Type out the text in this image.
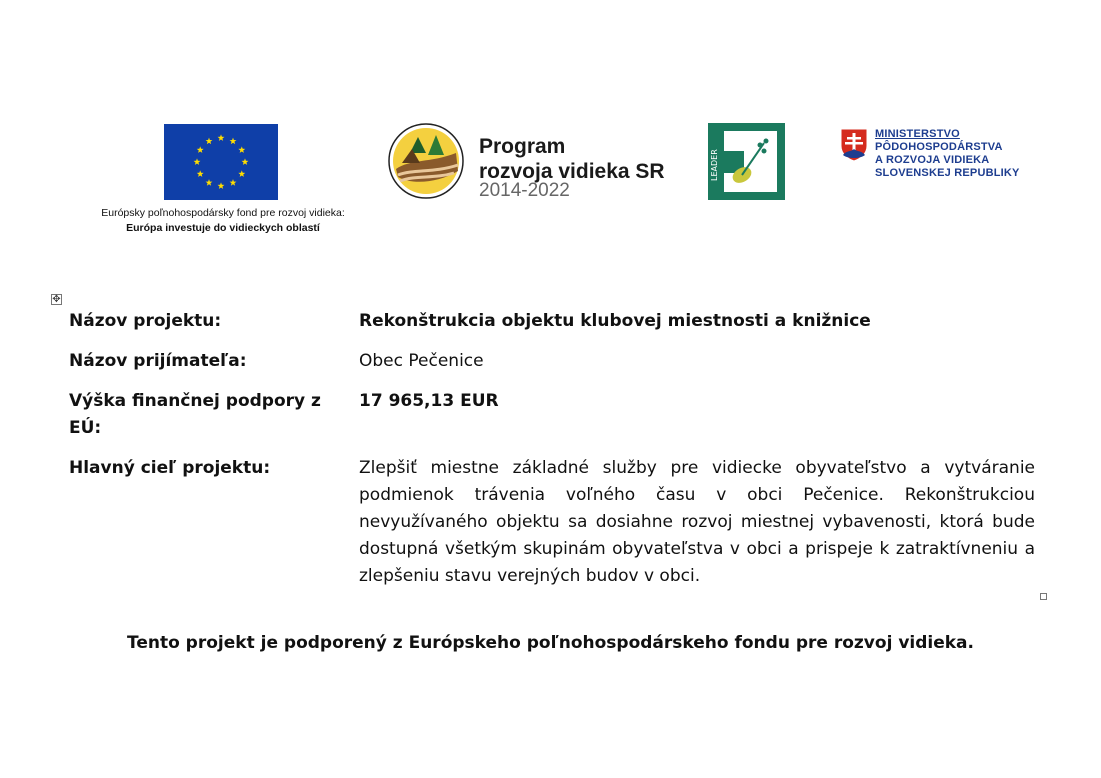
Európsky poľnohospodársky fond pre rozvoj vidieka:
Európa investuje do vidieckych oblastí
Program
rozvoja vidieka SR
2014-2022
LEADER
MINISTERSTVO
PÔDOHOSPODÁRSTVA
A ROZVOJA VIDIEKA
SLOVENSKEJ REPUBLIKY
✥
Názov projektu:	Rekonštrukcia objektu klubovej miestnosti a knižnice
Názov prijímateľa:	Obec Pečenice
Výška finančnej podpory z EÚ:
17 965,13 EUR
Hlavný cieľ projektu:	Zlepšiť miestne základné služby pre vidiecke obyvateľstvo a vytváranie podmienok trávenia voľného času v obci Pečenice. Rekonštrukciou nevyužívaného objektu sa dosiahne rozvoj miestnej vybavenosti, ktorá bude dostupná všetkým skupinám obyvateľstva v obci a prispeje k zatraktívneniu a zlepšeniu stavu verejných budov v obci.
Tento projekt je podporený z Európskeho poľnohospodárskeho fondu pre rozvoj vidieka.
